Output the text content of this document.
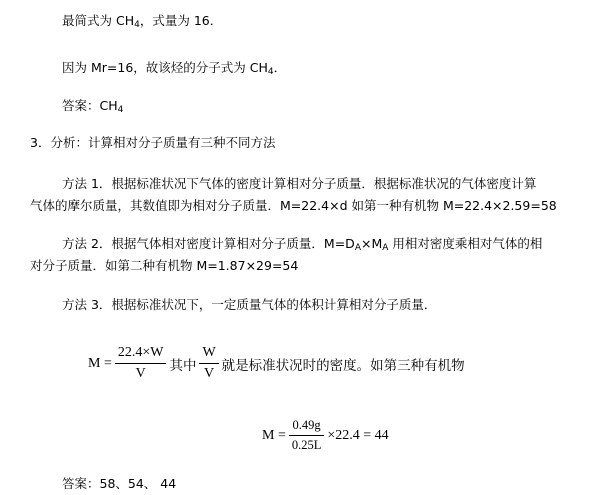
最简式为 $CH_4$，式量为 16．
因为 Mr=16，故该烃的分子式为 $CH_4$．
答案：$CH_4$
3．分析：计算相对分子质量有三种不同方法
方法 1．根据标准状况下气体的密度计算相对分子质量．根据标准状况的气体密度计算
气体的摩尔质量，其数值即为相对分子质量．M=22.4×d 如第一种有机物 M=22.4×2.59=58
方法 2．根据气体相对密度计算相对分子质量．$M=D_A\times M_A$ 用相对密度乘相对气体的相
对分子质量．如第二种有机物 M=1.87×29=54
方法 3．根据标准状况下，一定质量气体的体积计算相对分子质量．
$M = \frac{22.4\times W}{V}$ 其中 $\frac{W}{V}$ 就是标准状况时的密度。如第三种有机物
$M = \frac{0.49g}{0.25L} \times 22.4 = 44$
答案：58、54、 44
